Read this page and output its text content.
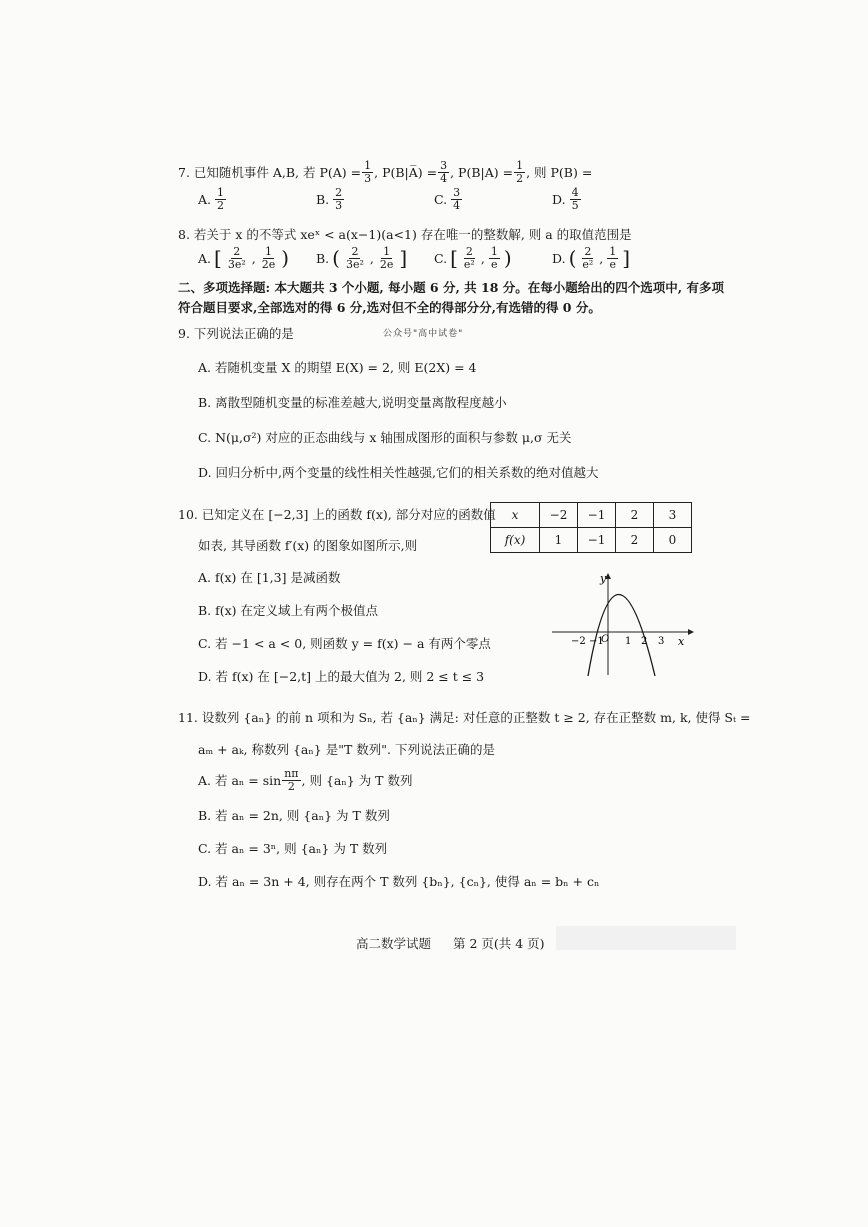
7. 已知随机事件 A,B, 若 $P(A) = \frac{1}{3}$ , P(B|A̅) = $\frac{3}{4}$ , $P(B|A) = \frac{1}{2}$ , 则 P(B) =
A. $\frac{1}{2}$	B. $\frac{2}{3}$	C. $\frac{3}{4}$	D. $\frac{4}{5}$
8. 若关于 x 的不等式 xeˣ < a(x−1)(a<1) 存在唯一的整数解, 则 a 的取值范围是
A. [ $\frac{2}{\text{3e²}}$ , $\frac{1}{2e}$ ) B. ( $\frac{2}{\text{3e²}}$ , $\frac{1}{2e}$ ] C. [ $\frac{2}{\text{e²}}$ , $\frac{1}{e}$ )	D. ( $\frac{2}{\text{e²}}$ , $\frac{1}{e}$ ]
二、多项选择题: 本大题共 3 个小题, 每小题 6 分, 共 18 分。在每小题给出的四个选项中, 有多项
符合题目要求,全部选对的得 6 分,选对但不全的得部分分,有选错的得 0 分。
9. 下列说法正确的是	公众号"高中试卷"
A. 若随机变量 X 的期望 E(X) = 2, 则 E(2X) = 4
B. 离散型随机变量的标准差越大,说明变量离散程度越小
C. N(μ,σ²) 对应的正态曲线与 x 轴围成图形的面积与参数 μ,σ 无关
D. 回归分析中,两个变量的线性相关性越强,它们的相关系数的绝对值越大
10. 已知定义在 [−2,3] 上的函数 f(x), 部分对应的函数值
如表, 其导函数 f′(x) 的图象如图所示,则
x	−2	−1	2	3
f(x)	1	−1	2	0
A. f(x) 在 [1,3] 是减函数
B. f(x) 在定义域上有两个极值点
C. 若 −1 < a < 0, 则函数 y = f(x) − a 有两个零点
D. 若 f(x) 在 [−2,t] 上的最大值为 2, 则 2 ≤ t ≤ 3
y
x
O
−2 −1 1 2 3
11. 设数列 {aₙ} 的前 n 项和为 Sₙ, 若 {aₙ} 满足: 对任意的正整数 t ≥ 2, 存在正整数 m, k, 使得 Sₜ =
aₘ + aₖ, 称数列 {aₙ} 是"T 数列". 下列说法正确的是
A. 若 $a_n = \sin \frac{n\pi}{2}$ , 则 {aₙ} 为 T 数列
B. 若 aₙ = 2n, 则 {aₙ} 为 T 数列
C. 若 aₙ = 3ⁿ, 则 {aₙ} 为 T 数列
D. 若 aₙ = 3n + 4, 则存在两个 T 数列 {bₙ}, {cₙ}, 使得 aₙ = bₙ + cₙ
高二数学试题 第 2 页(共 4 页)
